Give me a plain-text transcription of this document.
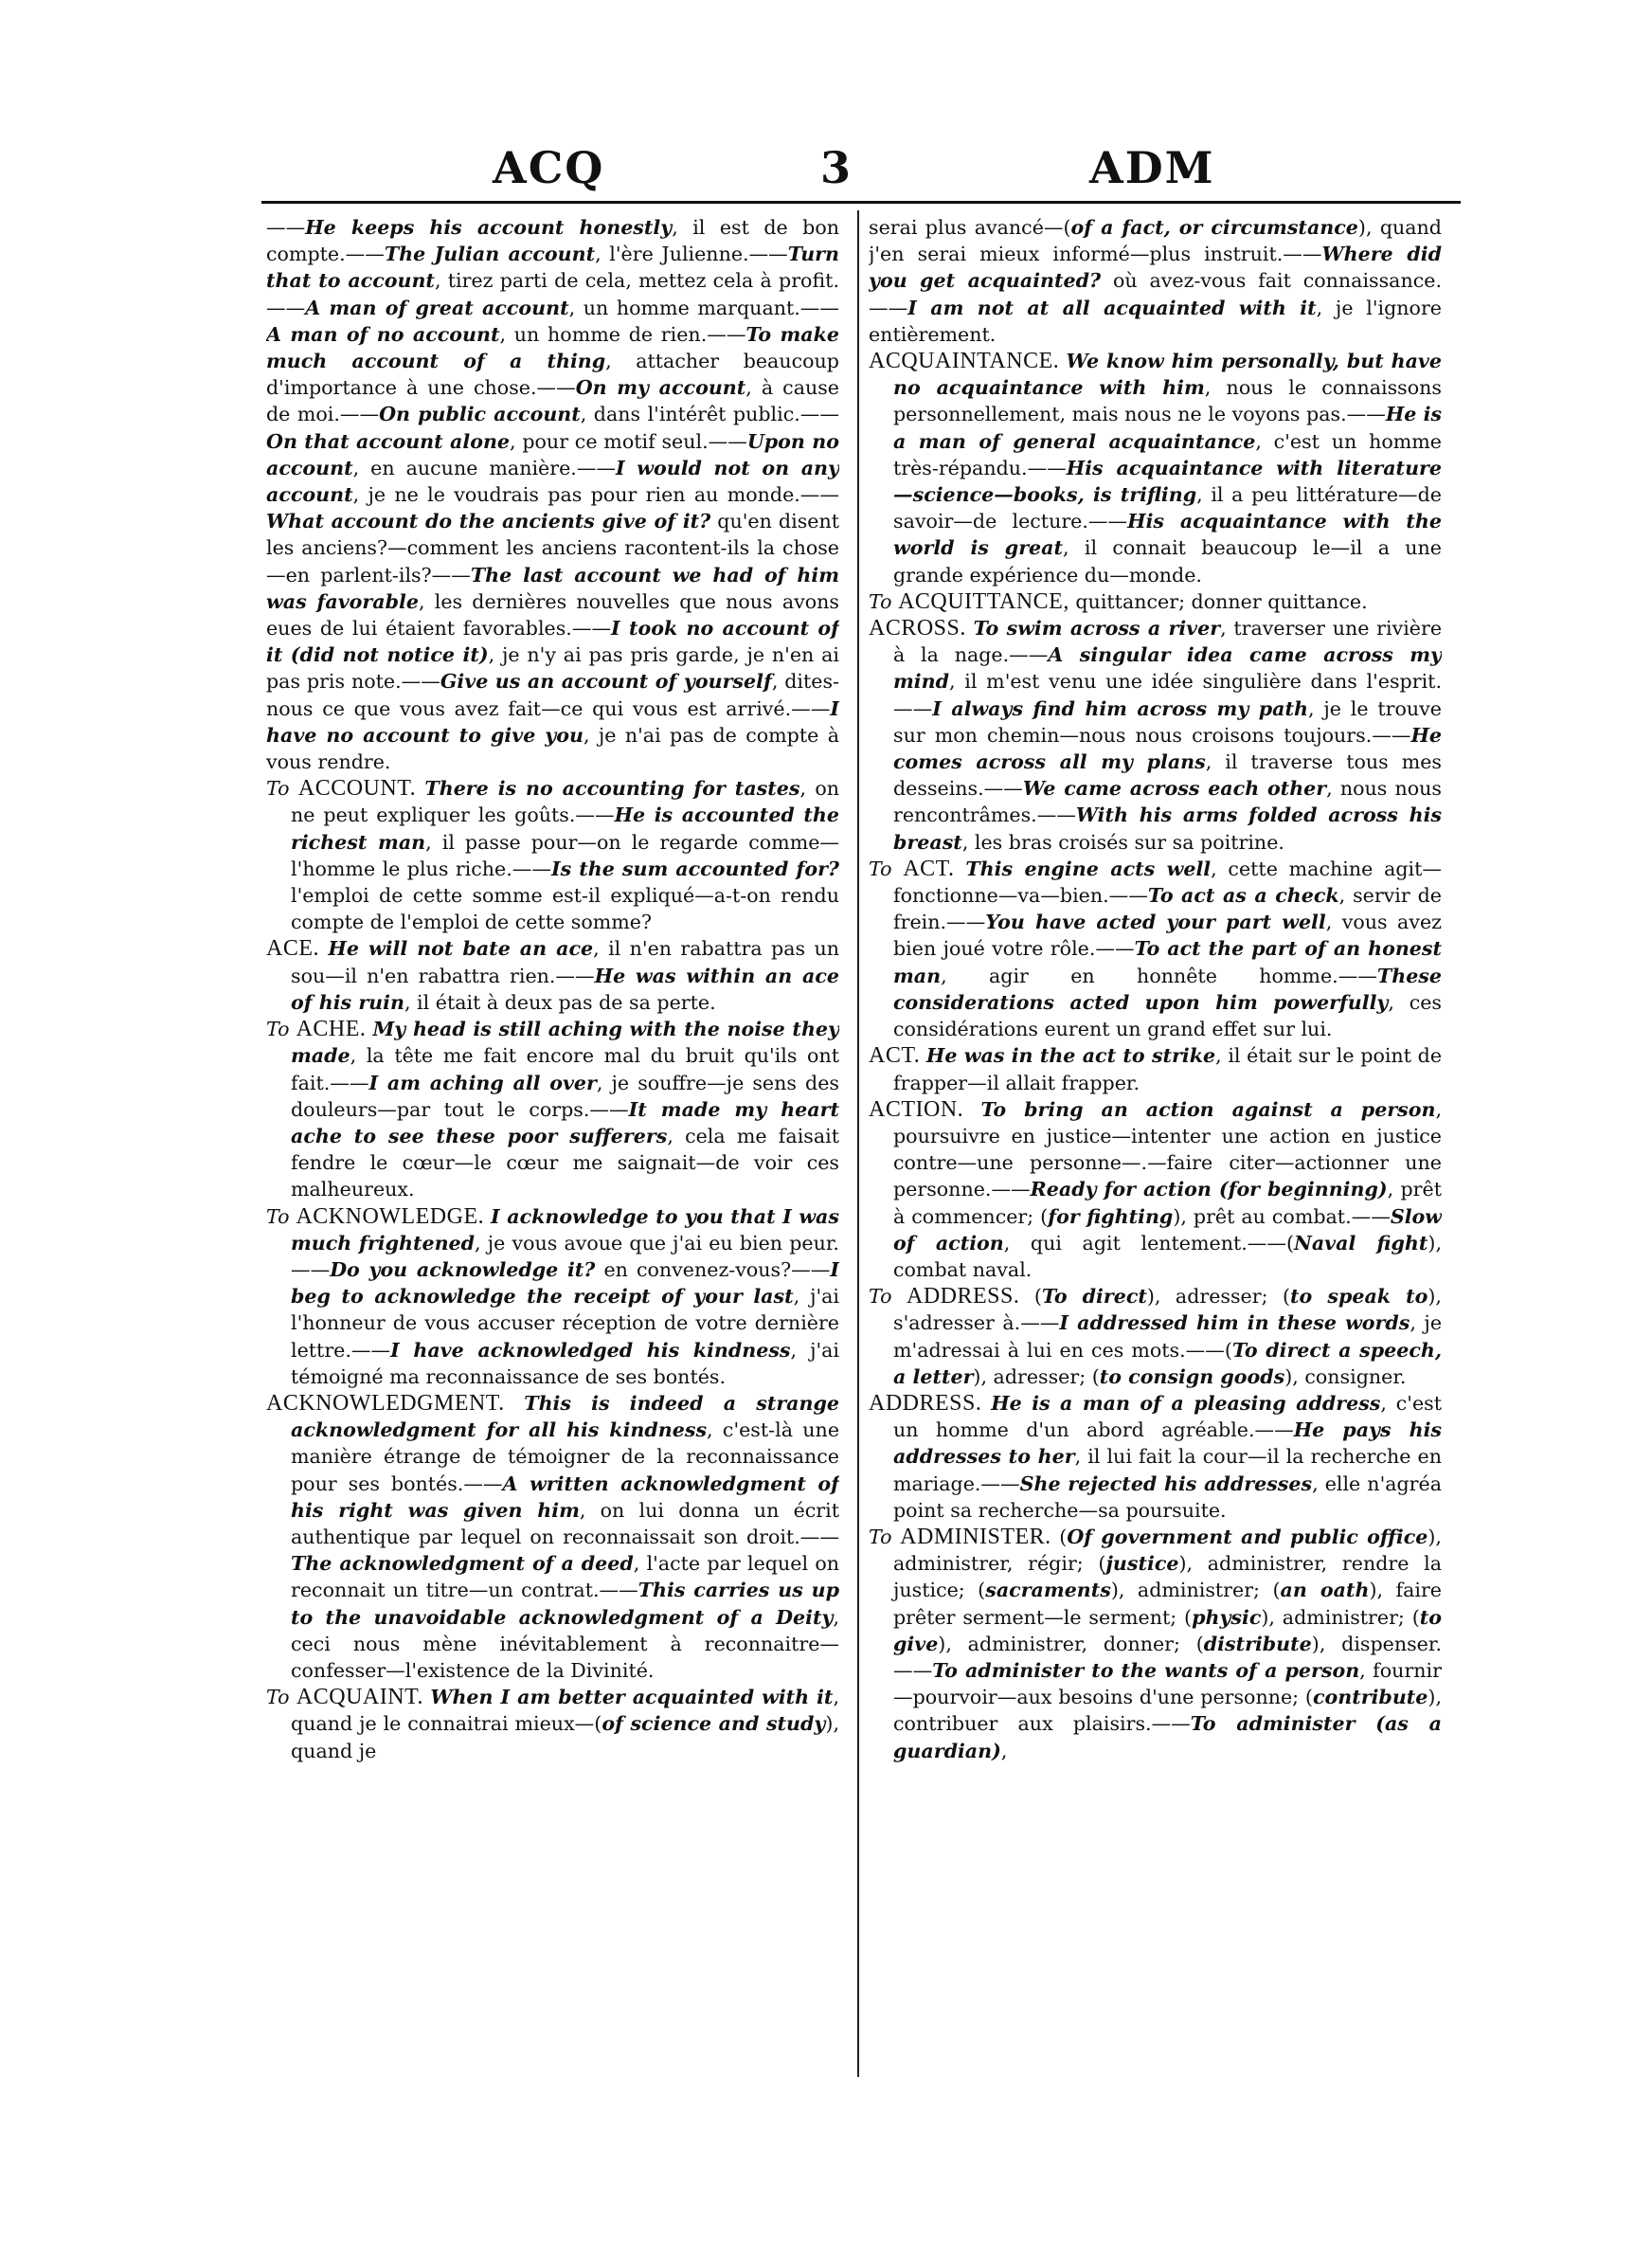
ACQ	3	ADM

——He keeps his account honestly, il est de bon compte.——The Julian account, l'ère Julienne.——Turn that to account, tirez parti de cela, mettez cela à profit.——A man of great account, un homme marquant.——A man of no account, un homme de rien.——To make much account of a thing, attacher beaucoup d'importance à une chose.——On my account, à cause de moi.——On public account, dans l'intérêt public.——On that account alone, pour ce motif seul.——Upon no account, en aucune manière.——I would not on any account, je ne le voudrais pas pour rien au monde.——What account do the ancients give of it? qu'en disent les anciens?—comment les anciens racontent-ils la chose—en parlent-ils?——The last account we had of him was favorable, les dernières nouvelles que nous avons eues de lui étaient favorables.——I took no account of it (did not notice it), je n'y ai pas pris garde, je n'en ai pas pris note.——Give us an account of yourself, dites-nous ce que vous avez fait—ce qui vous est arrivé.——I have no account to give you, je n'ai pas de compte à vous rendre.

To ACCOUNT. There is no accounting for tastes, on ne peut expliquer les goûts.——He is accounted the richest man, il passe pour—on le regarde comme—l'homme le plus riche.——Is the sum accounted for? l'emploi de cette somme est-il expliqué—a-t-on rendu compte de l'emploi de cette somme?

ACE. He will not bate an ace, il n'en rabattra pas un sou—il n'en rabattra rien.——He was within an ace of his ruin, il était à deux pas de sa perte.

To ACHE. My head is still aching with the noise they made, la tête me fait encore mal du bruit qu'ils ont fait.——I am aching all over, je souffre—je sens des douleurs—par tout le corps.——It made my heart ache to see these poor sufferers, cela me faisait fendre le cœur—le cœur me saignait—de voir ces malheureux.

To ACKNOWLEDGE. I acknowledge to you that I was much frightened, je vous avoue que j'ai eu bien peur.——Do you acknowledge it? en convenez-vous?——I beg to acknowledge the receipt of your last, j'ai l'honneur de vous accuser réception de votre dernière lettre.——I have acknowledged his kindness, j'ai témoigné ma reconnaissance de ses bontés.

ACKNOWLEDGMENT. This is indeed a strange acknowledgment for all his kindness, c'est-là une manière étrange de témoigner de la reconnaissance pour ses bontés.——A written acknowledgment of his right was given him, on lui donna un écrit authentique par lequel on reconnaissait son droit.——The acknowledgment of a deed, l'acte par lequel on reconnait un titre—un contrat.——This carries us up to the unavoidable acknowledgment of a Deity, ceci nous mène inévitablement à reconnaitre—confesser—l'existence de la Divinité.

To ACQUAINT. When I am better acquainted with it, quand je le connaitrai mieux—(of science and study), quand je

serai plus avancé—(of a fact, or circumstance), quand j'en serai mieux informé—plus instruit.——Where did you get acquainted? où avez-vous fait connaissance.——I am not at all acquainted with it, je l'ignore entièrement.

ACQUAINTANCE. We know him personally, but have no acquaintance with him, nous le connaissons personnellement, mais nous ne le voyons pas.——He is a man of general acquaintance, c'est un homme très-répandu.——His acquaintance with literature—science—books, is trifling, il a peu littérature—de savoir—de lecture.——His acquaintance with the world is great, il connait beaucoup le—il a une grande expérience du—monde.

To ACQUITTANCE, quittancer; donner quittance.

ACROSS. To swim across a river, traverser une rivière à la nage.——A singular idea came across my mind, il m'est venu une idée singulière dans l'esprit.——I always find him across my path, je le trouve sur mon chemin—nous nous croisons toujours.——He comes across all my plans, il traverse tous mes desseins.——We came across each other, nous nous rencontrâmes.——With his arms folded across his breast, les bras croisés sur sa poitrine.

To ACT. This engine acts well, cette machine agit—fonctionne—va—bien.——To act as a check, servir de frein.——You have acted your part well, vous avez bien joué votre rôle.——To act the part of an honest man, agir en honnête homme.——These considerations acted upon him powerfully, ces considérations eurent un grand effet sur lui.

ACT. He was in the act to strike, il était sur le point de frapper—il allait frapper.

ACTION. To bring an action against a person, poursuivre en justice—intenter une action en justice contre—une personne—.—faire citer—actionner une personne.——Ready for action (for beginning), prêt à commencer; (for fighting), prêt au combat.——Slow of action, qui agit lentement.——(Naval fight), combat naval.

To ADDRESS. (To direct), adresser; (to speak to), s'adresser à.——I addressed him in these words, je m'adressai à lui en ces mots.——(To direct a speech, a letter), adresser; (to consign goods), consigner.

ADDRESS. He is a man of a pleasing address, c'est un homme d'un abord agréable.——He pays his addresses to her, il lui fait la cour—il la recherche en mariage.——She rejected his addresses, elle n'agréa point sa recherche—sa poursuite.

To ADMINISTER. (Of government and public office), administrer, régir; (justice), administrer, rendre la justice; (sacraments), administrer; (an oath), faire prêter serment—le serment; (physic), administrer; (to give), administrer, donner; (distribute), dispenser.——To administer to the wants of a person, fournir—pourvoir—aux besoins d'une personne; (contribute), contribuer aux plaisirs.——To administer (as a guardian),
